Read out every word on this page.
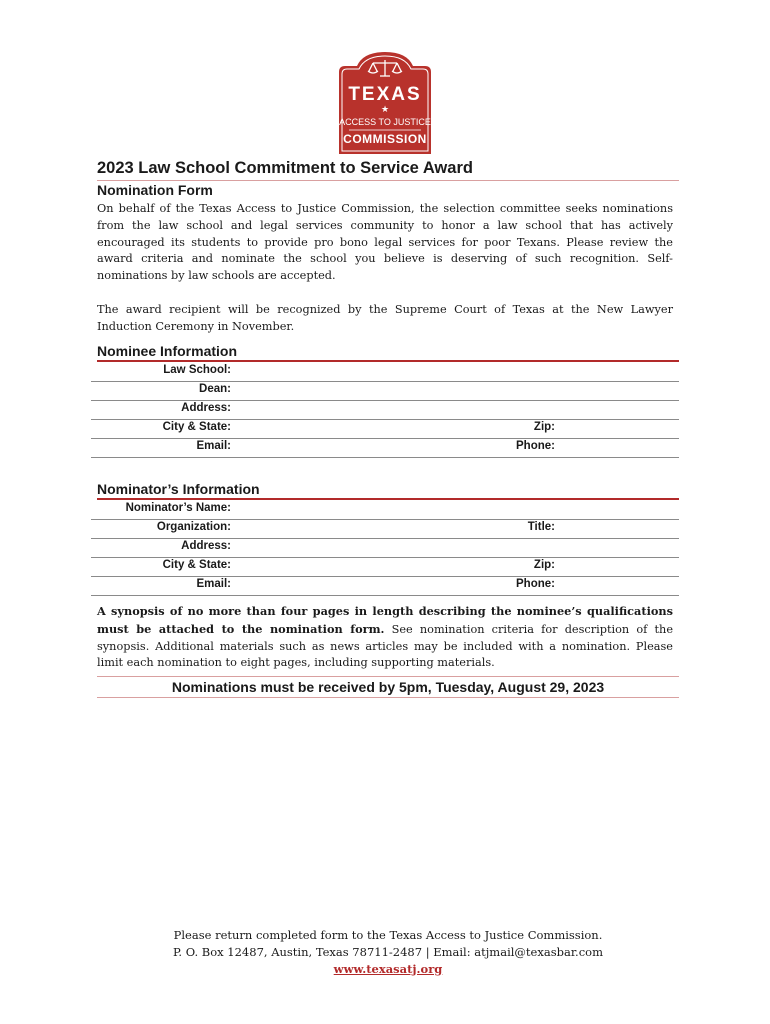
TEXAS
★
ACCESS TO JUSTICE
COMMISSION
2023 Law School Commitment to Service Award
Nomination Form

On behalf of the Texas Access to Justice Commission, the selection committee seeks nominations from the law school and legal services community to honor a law school that has actively encouraged its students to provide pro bono legal services for poor Texans. Please review the award criteria and nominate the school you believe is deserving of such recognition. Self-nominations by law schools are accepted.

The award recipient will be recognized by the Supreme Court of Texas at the New Lawyer Induction Ceremony in November.

Nominee Information
Law School:
Dean:
Address:
City & State:	Zip:
Email:	Phone:
Nominator’s Information
Nominator’s Name:
Organization:	Title:
Address:
City & State:	Zip:
Email:	Phone:

A synopsis of no more than four pages in length describing the nominee’s qualifications must be attached to the nomination form. See nomination criteria for description of the synopsis. Additional materials such as news articles may be included with a nomination. Please limit each nomination to eight pages, including supporting materials.

Nominations must be received by 5pm, Tuesday, August 29, 2023
Please return completed form to the Texas Access to Justice Commission.
P. O. Box 12487, Austin, Texas 78711-2487 | Email: atjmail@texasbar.com
www.texasatj.org
